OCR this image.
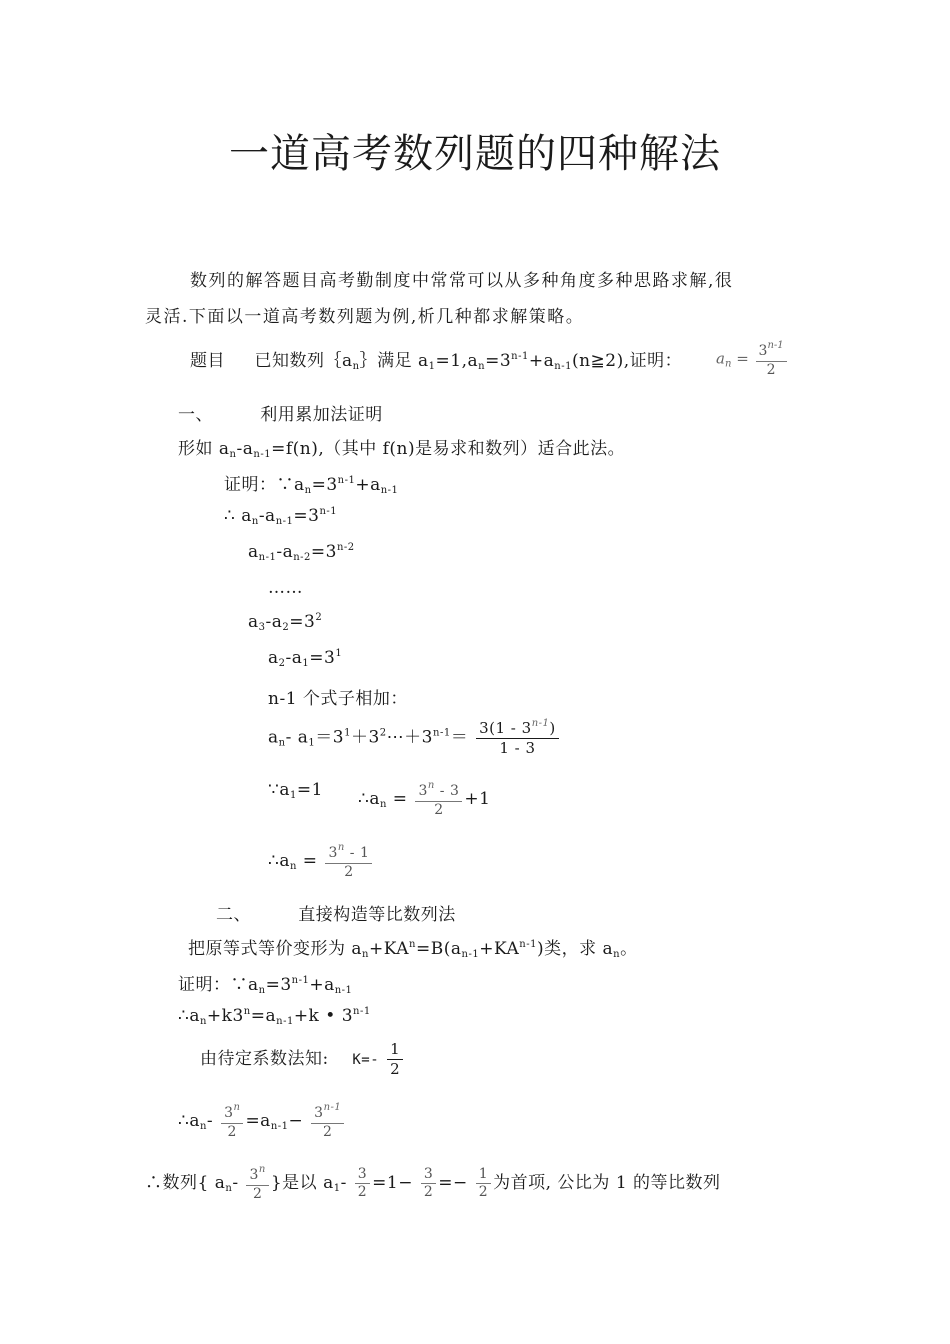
一道高考数列题的四种解法
数列的解答题目高考勤制度中常常可以从多种角度多种思路求解,很
灵活.下面以一道高考数列题为例,析几种都求解策略。
题目 已知数列$\{a_n\}$满足 $a_1=1,a_n=3^{n-1}+a_{n-1}(n≧2)$,证明： $a_n = \frac{3^{n-1}}{2}$
一、	利用累加法证明
形如 $a_n-a_{n-1}=f(n)$,（其中 f(n)是易求和数列）适合此法。
证明：$\because a_n=3^{n-1}+a_{n-1}$
∴ $a_n-a_{n-1}=3^{n-1}$
$a_{n-1}-a_{n-2}=3^{n-2}$
……
$a_3-a_2=3^2$
$a_2-a_1=3^1$
n-1 个式子相加：
$a_n-$ $a_1=3^1+3^2\cdots+3^{n-1}= \frac{3(1 - 3^{n-1})}{1 - 3}$
$\because a_1=1$ $\therefore a_n = \frac{3^n - 3}{2} +1$
$\therefore a_n = \frac{3^n - 1}{2}$
二、	直接构造等比数列法
把原等式等价变形为 $a_n+KA^n=B(a_{n-1}+KA^{n-1})$类，求 $a_n$。
证明：$\because a_n=3^{n-1}+a_{n-1}$
$\therefore a_n+k3^n=a_{n-1}+k$ • 3$^{n-1}$
由待定系数法知: $K=- \frac{1}{2}$
$\therefore a_n- \frac{3^n}{2} =a_{n-1}- \frac{3^{n-1}}{2}$
∴数列{ $a_n- \frac{3^n}{2}$ }是以 $a_1- \frac{3}{2} =1- \frac{3}{2} =- \frac{1}{2}$ 为首项, 公比为 1 的等比数列
